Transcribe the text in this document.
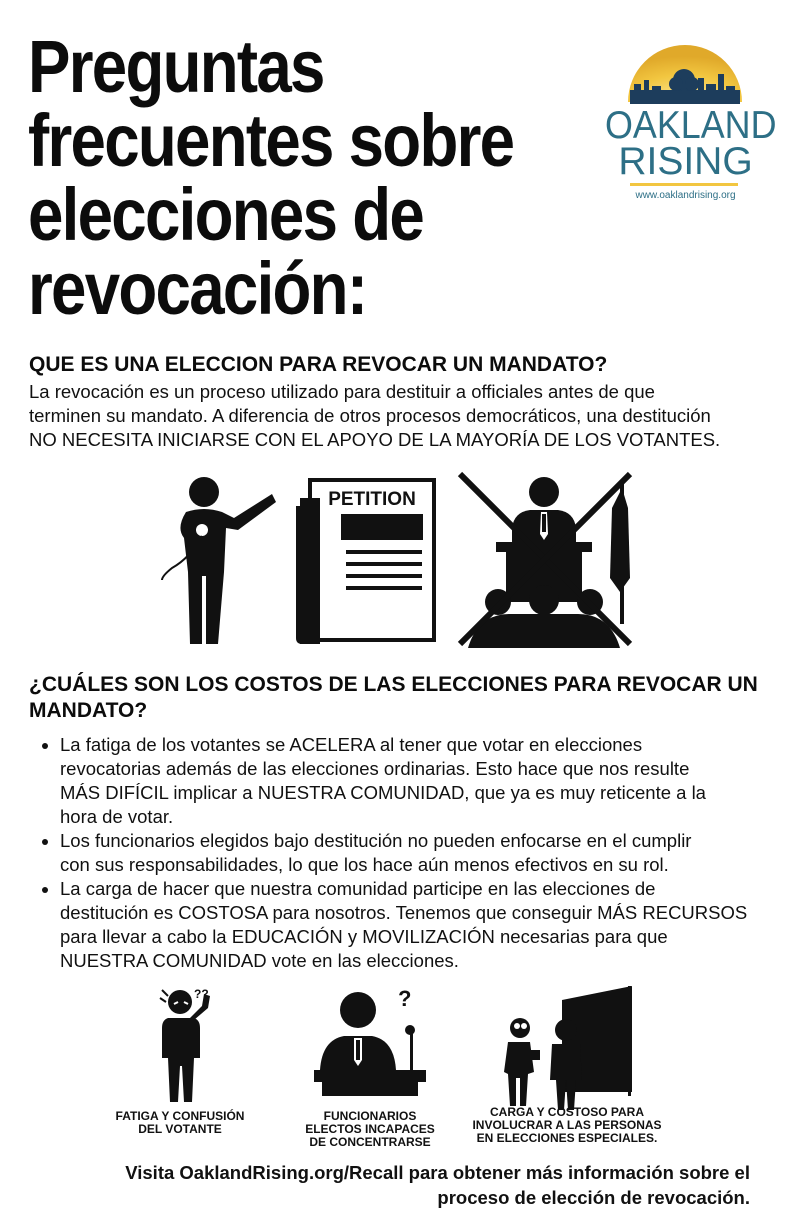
Preguntas
frecuentes sobre
elecciones de
revocación:
OAKLAND
RISING
www.oaklandrising.org
QUE ES UNA ELECCION PARA REVOCAR UN MANDATO?
La revocación es un proceso utilizado para destituir a officiales antes de que
terminen su mandato. A diferencia de otros procesos democráticos, una destitución
NO NECESITA INICIARSE CON EL APOYO DE LA MAYORÍA DE LOS VOTANTES.
PETITION
¿CUÁLES SON LOS COSTOS DE LAS ELECCIONES PARA REVOCAR UN MANDATO?
• La fatiga de los votantes se ACELERA al tener que votar en elecciones
revocatorias además de las elecciones ordinarias. Esto hace que nos resulte
MÁS DIFÍCIL implicar a NUESTRA COMUNIDAD, que ya es muy reticente a la
hora de votar.
• Los funcionarios elegidos bajo destitución no pueden enfocarse en el cumplir
con sus responsabilidades, lo que los hace aún menos efectivos en su rol.
• La carga de hacer que nuestra comunidad participe en las elecciones de
destitución es COSTOSA para nosotros. Tenemos que conseguir MÁS RECURSOS
para llevar a cabo la EDUCACIÓN y MOVILIZACIÓN necesarias para que
NUESTRA COMUNIDAD vote en las elecciones.
??	?
FATIGA Y CONFUSIÓN
DEL VOTANTE
FUNCIONARIOS
ELECTOS INCAPACES
DE CONCENTRARSE
CARGA Y COSTOSO PARA
INVOLUCRAR A LAS PERSONAS
EN ELECCIONES ESPECIALES.
Visita OaklandRising.org/Recall para obtener más información sobre el
proceso de elección de revocación.
